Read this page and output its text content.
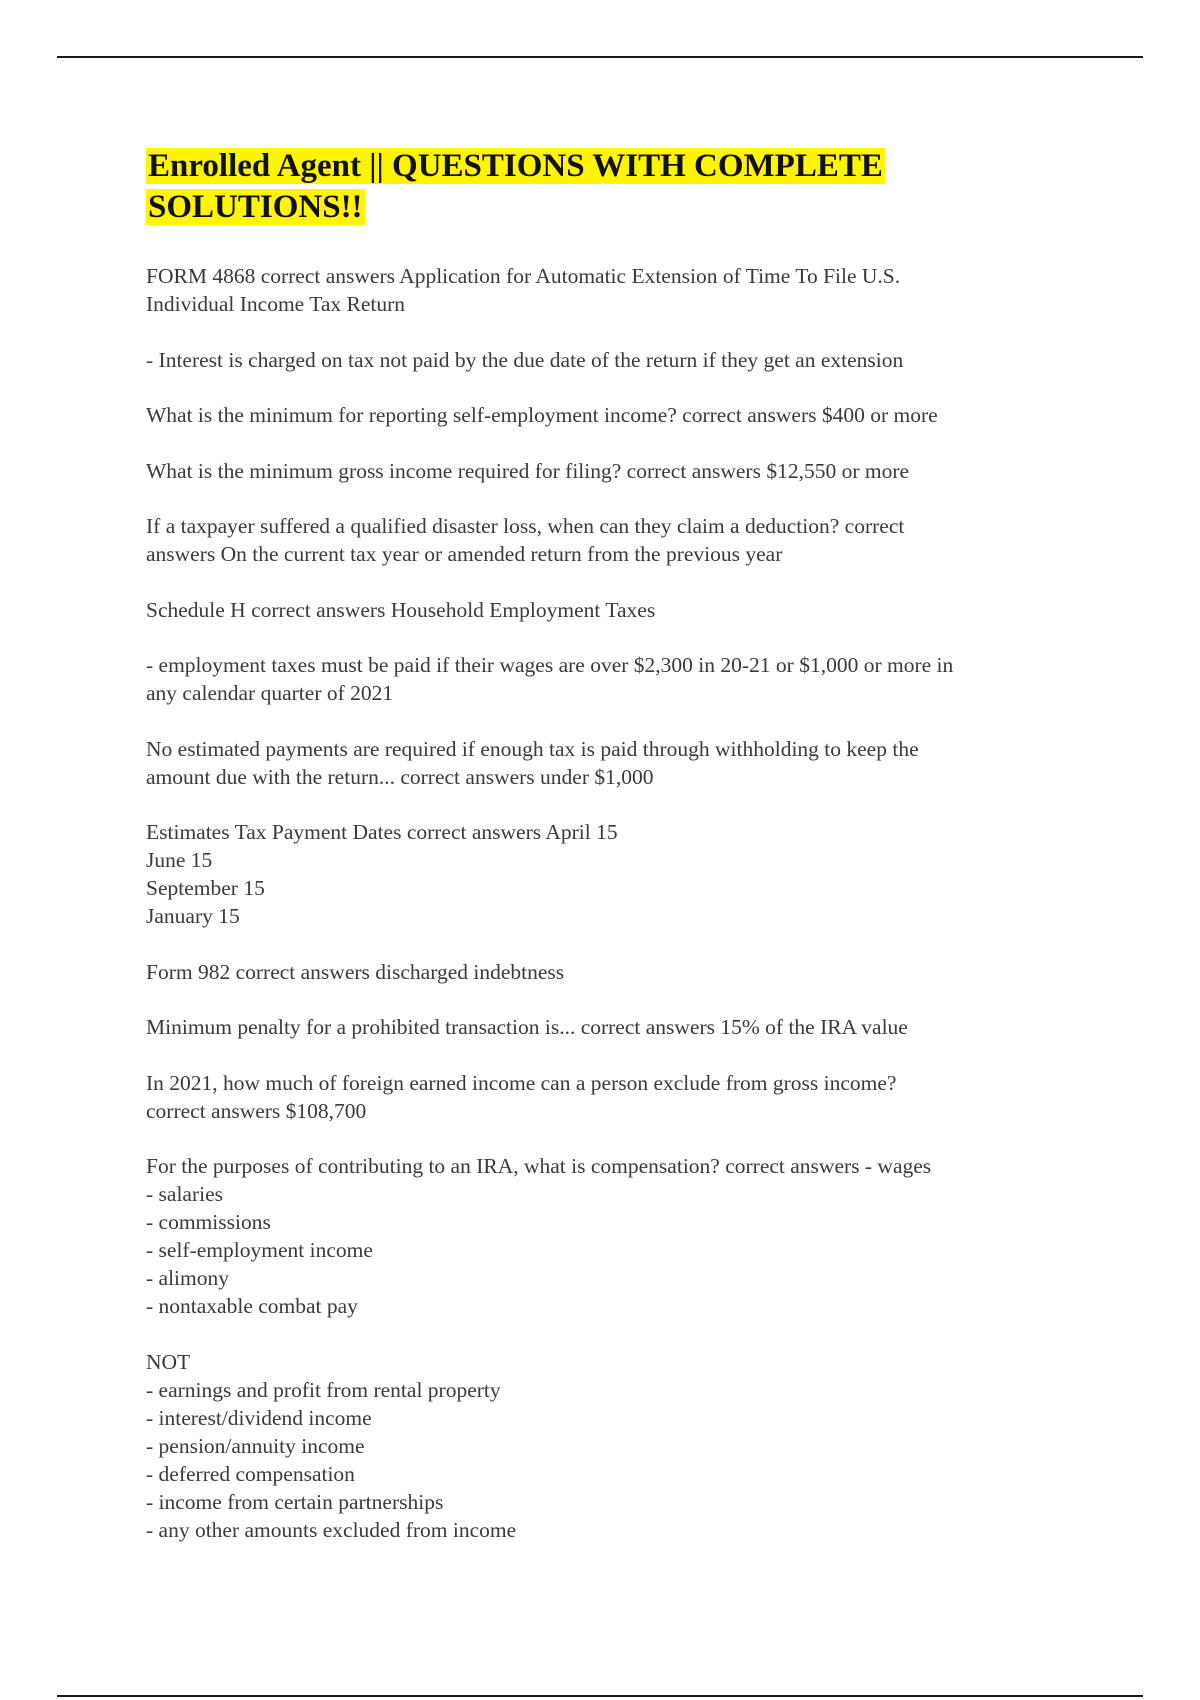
Enrolled Agent || QUESTIONS WITH COMPLETE SOLUTIONS!!

FORM 4868 correct answers Application for Automatic Extension of Time To File U.S.
Individual Income Tax Return

- Interest is charged on tax not paid by the due date of the return if they get an extension

What is the minimum for reporting self-employment income? correct answers $400 or more

What is the minimum gross income required for filing? correct answers $12,550 or more

If a taxpayer suffered a qualified disaster loss, when can they claim a deduction? correct
answers On the current tax year or amended return from the previous year

Schedule H correct answers Household Employment Taxes

- employment taxes must be paid if their wages are over $2,300 in 20-21 or $1,000 or more in
any calendar quarter of 2021

No estimated payments are required if enough tax is paid through withholding to keep the
amount due with the return... correct answers under $1,000

Estimates Tax Payment Dates correct answers April 15
June 15
September 15
January 15

Form 982 correct answers discharged indebtness

Minimum penalty for a prohibited transaction is... correct answers 15% of the IRA value

In 2021, how much of foreign earned income can a person exclude from gross income?
correct answers $108,700

For the purposes of contributing to an IRA, what is compensation? correct answers - wages
- salaries
- commissions
- self-employment income
- alimony
- nontaxable combat pay

NOT
- earnings and profit from rental property
- interest/dividend income
- pension/annuity income
- deferred compensation
- income from certain partnerships
- any other amounts excluded from income
